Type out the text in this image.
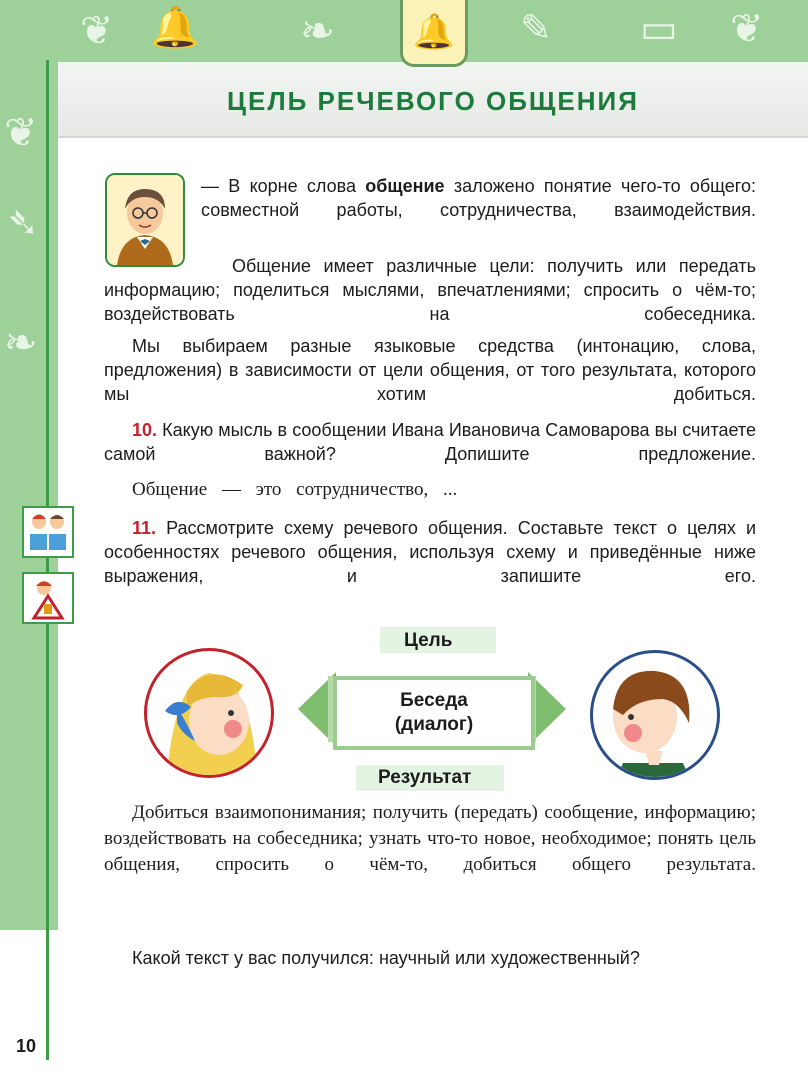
❦ 🔔 ❧	✎ ▭ ❦
❦
➴
❧
🔔
ЦЕЛЬ РЕЧЕВОГО ОБЩЕНИЯ

— В корне слова общение заложено понятие чего-то общего: совместной работы, сотрудничества, взаимодействия.

Общение имеет различные цели: получить или передать информацию; поделиться мыслями, впечатлениями; спросить о чём-то; воздействовать на собеседника.

Мы выбираем разные языковые средства (интонацию, слова, предложения) в зависимости от цели общения, от того результата, которого мы хотим добиться.

10. Какую мысль в сообщении Ивана Ивановича Самоварова вы считаете самой важной? Допишите предложение.

Общение — это сотрудничество, ...

11. Рассмотрите схему речевого общения. Составьте текст о целях и особенностях речевого общения, используя схему и приведённые ниже выражения, и запишите его.

Цель
Беседа
(диалог)
Результат

Добиться взаимопонимания; получить (передать) сообщение, информацию; воздействовать на собеседника; узнать что-то новое, необходимое; понять цель общения, спросить о чём-то, добиться общего результата.

Какой текст у вас получился: научный или художественный?

10
